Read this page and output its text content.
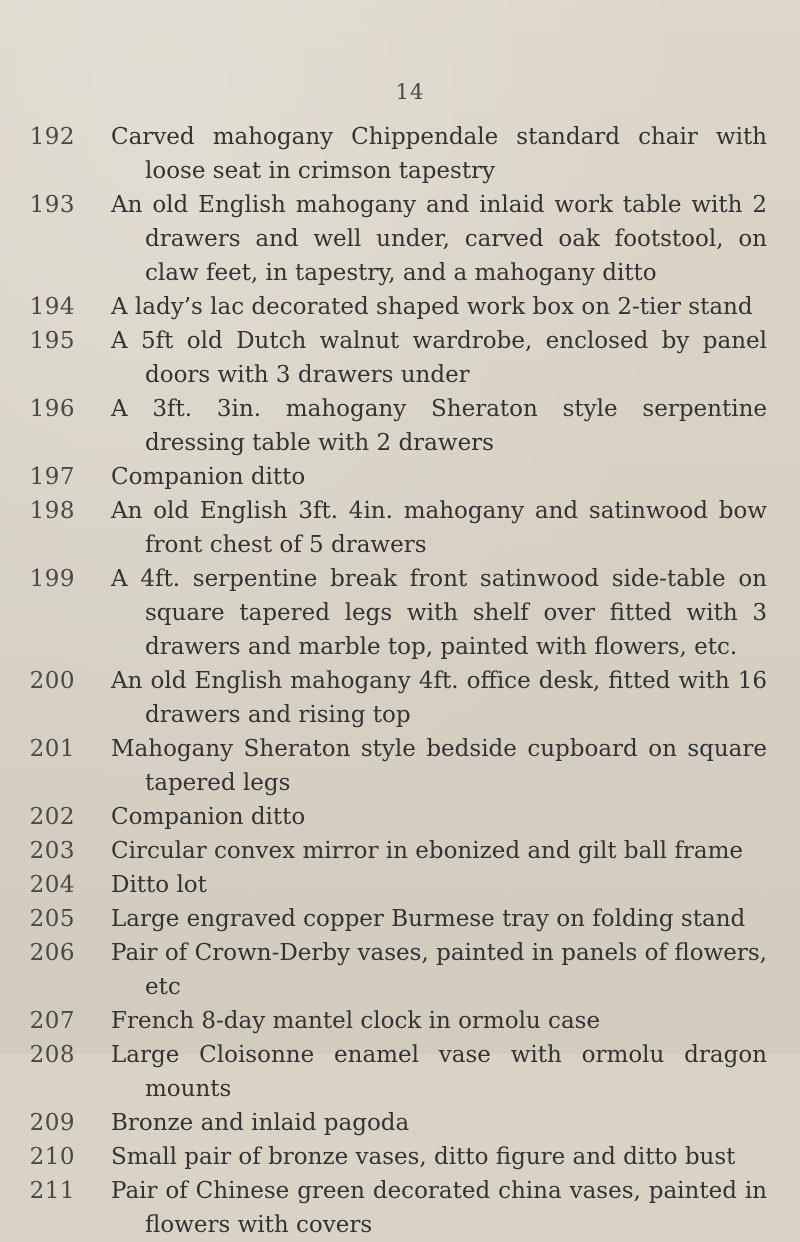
14
192 Carved mahogany Chippendale standard chair with loose seat in crimson tapestry
193 An old English mahogany and inlaid work table with 2 drawers and well under, carved oak footstool, on claw feet, in tapestry, and a mahogany ditto
194 A lady’s lac decorated shaped work box on 2-tier stand
195 A 5ft old Dutch walnut wardrobe, enclosed by panel doors with 3 drawers under
196 A 3ft. 3in. mahogany Sheraton style serpentine dressing table with 2 drawers
197 Companion ditto
198 An old English 3ft. 4in. mahogany and satinwood bow front chest of 5 drawers
199 A 4ft. serpentine break front satinwood side-table on square tapered legs with shelf over fitted with 3 drawers and marble top, painted with flowers, etc.
200 An old English mahogany 4ft. office desk, fitted with 16 drawers and rising top
201 Mahogany Sheraton style bedside cupboard on square tapered legs
202 Companion ditto
203 Circular convex mirror in ebonized and gilt ball frame
204 Ditto lot
205 Large engraved copper Burmese tray on folding stand
206 Pair of Crown-Derby vases, painted in panels of flowers, etc
207 French 8-day mantel clock in ormolu case
208 Large Cloisonne enamel vase with ormolu dragon mounts
209 Bronze and inlaid pagoda
210 Small pair of bronze vases, ditto figure and ditto bust
211 Pair of Chinese green decorated china vases, painted in flowers with covers
